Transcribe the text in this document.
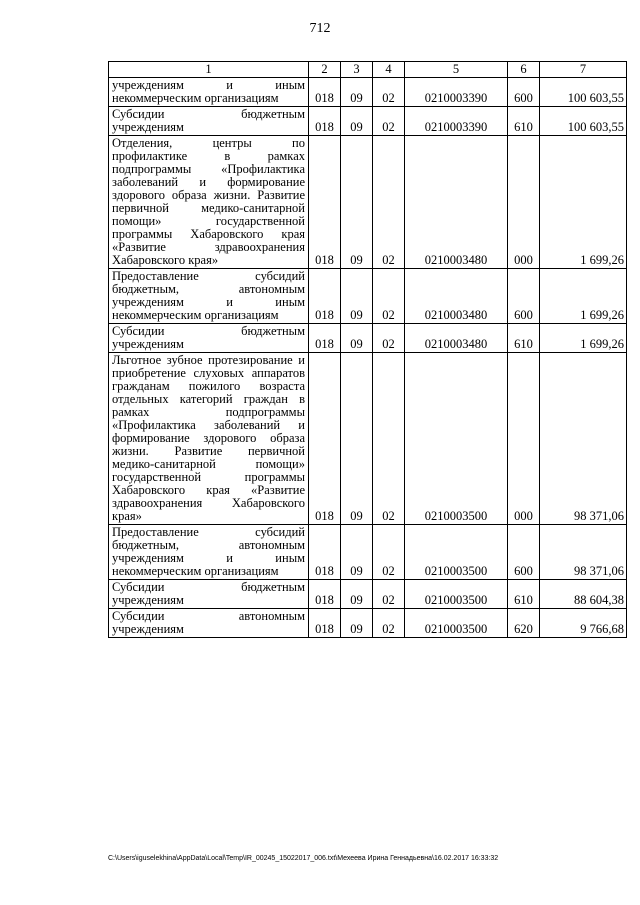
712
1	2	3	4	5	6	7
учреждениям и иным некоммерческим организациям	018	09	02	0210003390	600	100 603,55
Субсидии бюджетным учреждениям	018	09	02	0210003390	610	100 603,55
Отделения, центры по профилактике в рамках подпрограммы «Профилактика заболеваний и формирование здорового образа жизни. Развитие первичной медико-санитарной помощи» государственной программы Хабаровского края «Развитие здравоохранения Хабаровского края»	018	09	02	0210003480	000	1 699,26
Предоставление субсидий бюджетным, автономным учреждениям и иным некоммерческим организациям	018	09	02	0210003480	600	1 699,26
Субсидии бюджетным учреждениям	018	09	02	0210003480	610	1 699,26
Льготное зубное протезирование и приобретение слуховых аппаратов гражданам пожилого возраста отдельных категорий граждан в рамках подпрограммы «Профилактика заболеваний и формирование здорового образа жизни. Развитие первичной медико-санитарной помощи» государственной программы Хабаровского края «Развитие здравоохранения Хабаровского края»	018	09	02	0210003500	000	98 371,06
Предоставление субсидий бюджетным, автономным учреждениям и иным некоммерческим организациям	018	09	02	0210003500	600	98 371,06
Субсидии бюджетным учреждениям	018	09	02	0210003500	610	88 604,38
Субсидии автономным учреждениям	018	09	02	0210003500	620	9 766,68
C:\Users\iguselekhina\AppData\Local\Temp\IR_00245_15022017_006.txt\Мехеева Ирина Геннадьевна\16.02.2017 16:33:32
